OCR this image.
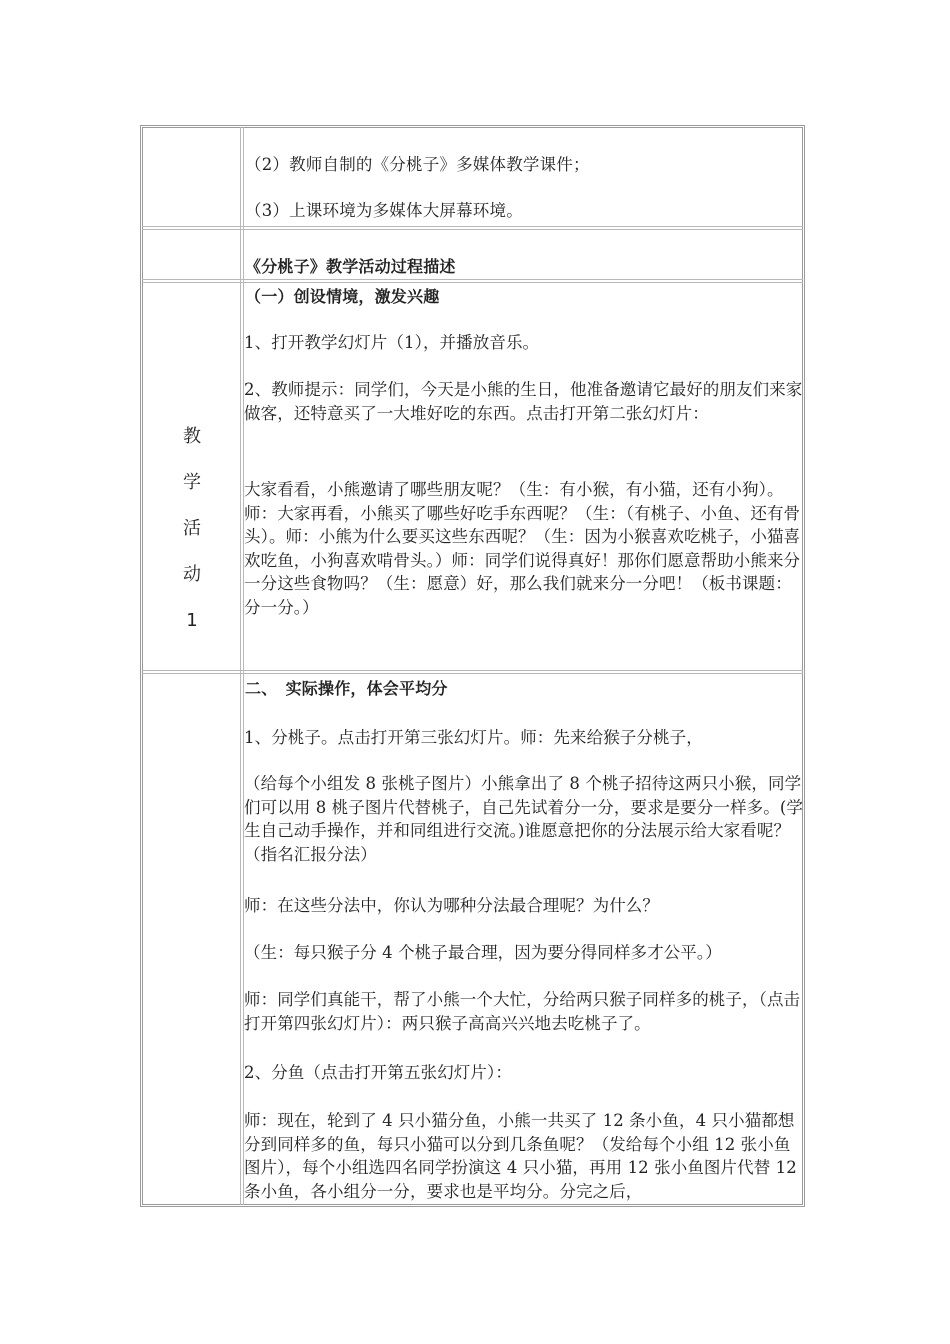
（2）教师自制的《分桃子》多媒体教学课件；
（3）上课环境为多媒体大屏幕环境。
《分桃子》教学活动过程描述
教
学
活
动
1
（一）创设情境，激发兴趣
1、打开教学幻灯片（1），并播放音乐。
2、教师提示：同学们，今天是小熊的生日，他准备邀请它最好的朋友们来家做客，还特意买了一大堆好吃的东西。点击打开第二张幻灯片：
大家看看，小熊邀请了哪些朋友呢？（生：有小猴，有小猫，还有小狗）。师：大家再看，小熊买了哪些好吃手东西呢？（生：（有桃子、小鱼、还有骨头）。师：小熊为什么要买这些东西呢？（生：因为小猴喜欢吃桃子，小猫喜欢吃鱼，小狗喜欢啃骨头。）师：同学们说得真好！那你们愿意帮助小熊来分一分这些食物吗？（生：愿意）好，那么我们就来分一分吧！（板书课题：分一分。）
二、　实际操作，体会平均分
1、分桃子。点击打开第三张幻灯片。师：先来给猴子分桃子，
（给每个小组发 8 张桃子图片）小熊拿出了 8 个桃子招待这两只小猴，同学们可以用 8 桃子图片代替桃子，自己先试着分一分，要求是要分一样多。(学生自己动手操作，并和同组进行交流。)谁愿意把你的分法展示给大家看呢？（指名汇报分法）
师：在这些分法中，你认为哪种分法最合理呢？为什么？
（生：每只猴子分 4 个桃子最合理，因为要分得同样多才公平。）
师：同学们真能干，帮了小熊一个大忙，分给两只猴子同样多的桃子，（点击打开第四张幻灯片）：两只猴子高高兴兴地去吃桃子了。
2、分鱼（点击打开第五张幻灯片）：
师：现在，轮到了 4 只小猫分鱼，小熊一共买了 12 条小鱼，4 只小猫都想分到同样多的鱼，每只小猫可以分到几条鱼呢？（发给每个小组 12 张小鱼图片），每个小组选四名同学扮演这 4 只小猫，再用 12 张小鱼图片代替 12 条小鱼，各小组分一分，要求也是平均分。分完之后，
